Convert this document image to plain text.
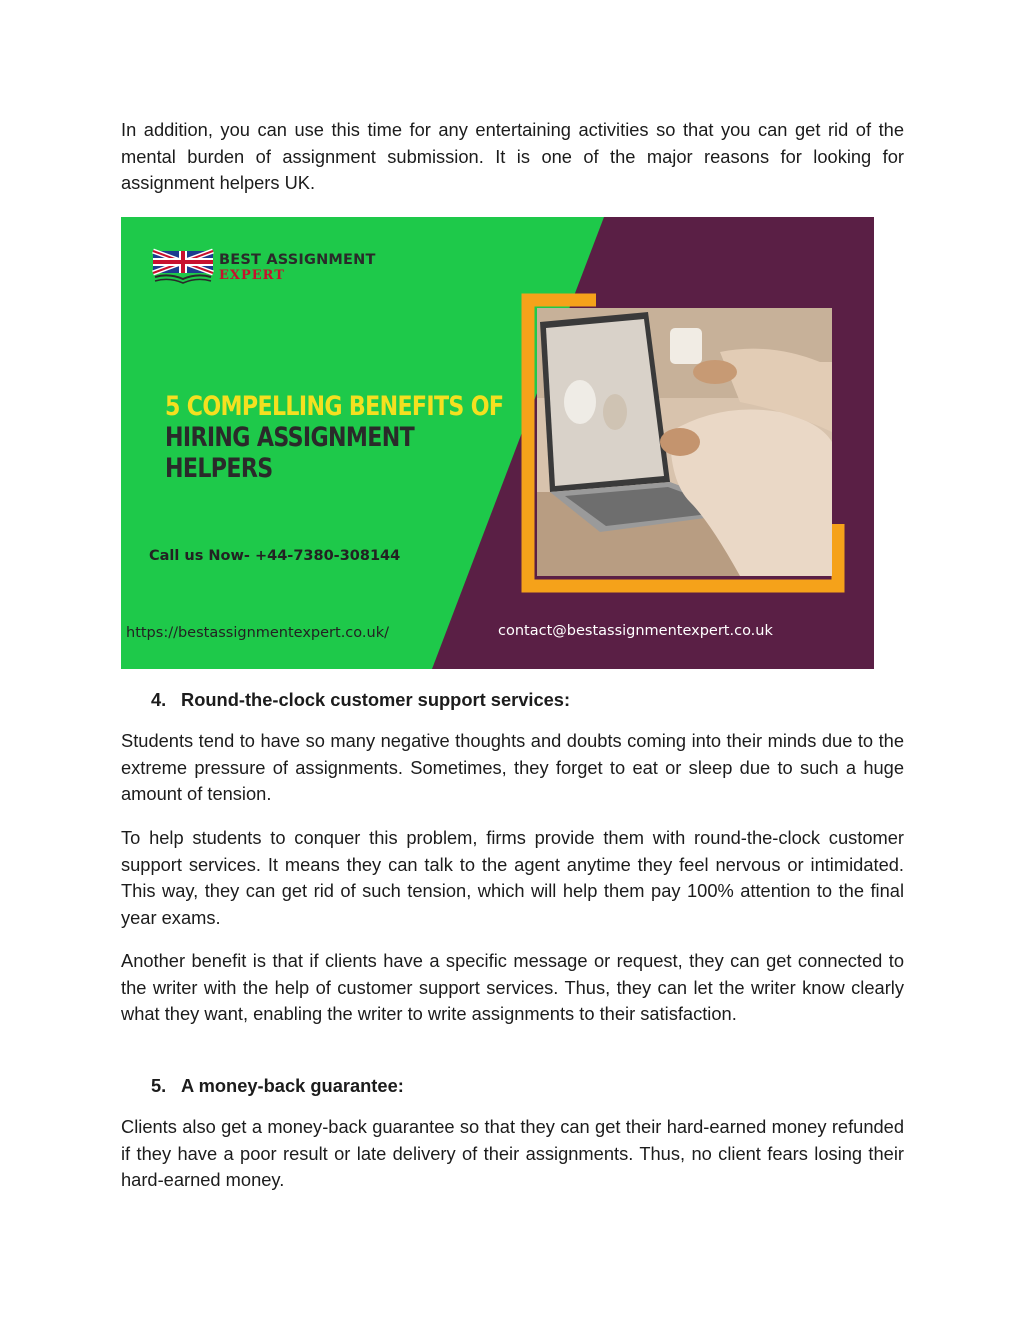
In addition, you can use this time for any entertaining activities so that you can get rid of the mental burden of assignment submission. It is one of the major reasons for looking for assignment helpers UK.

BEST ASSIGNMENT
EXPERT
5 COMPELLING BENEFITS OF
HIRING ASSIGNMENT
HELPERS
Call us Now- +44-7380-308144
https://bestassignmentexpert.co.uk/	contact@bestassignmentexpert.co.uk
4. Round-the-clock customer support services:

Students tend to have so many negative thoughts and doubts coming into their minds due to the extreme pressure of assignments. Sometimes, they forget to eat or sleep due to such a huge amount of tension.

To help students to conquer this problem, firms provide them with round-the-clock customer support services. It means they can talk to the agent anytime they feel nervous or intimidated. This way, they can get rid of such tension, which will help them pay 100% attention to the final year exams.

Another benefit is that if clients have a specific message or request, they can get connected to the writer with the help of customer support services. Thus, they can let the writer know clearly what they want, enabling the writer to write assignments to their satisfaction.

5. A money-back guarantee:

Clients also get a money-back guarantee so that they can get their hard-earned money refunded if they have a poor result or late delivery of their assignments. Thus, no client fears losing their hard-earned money.
